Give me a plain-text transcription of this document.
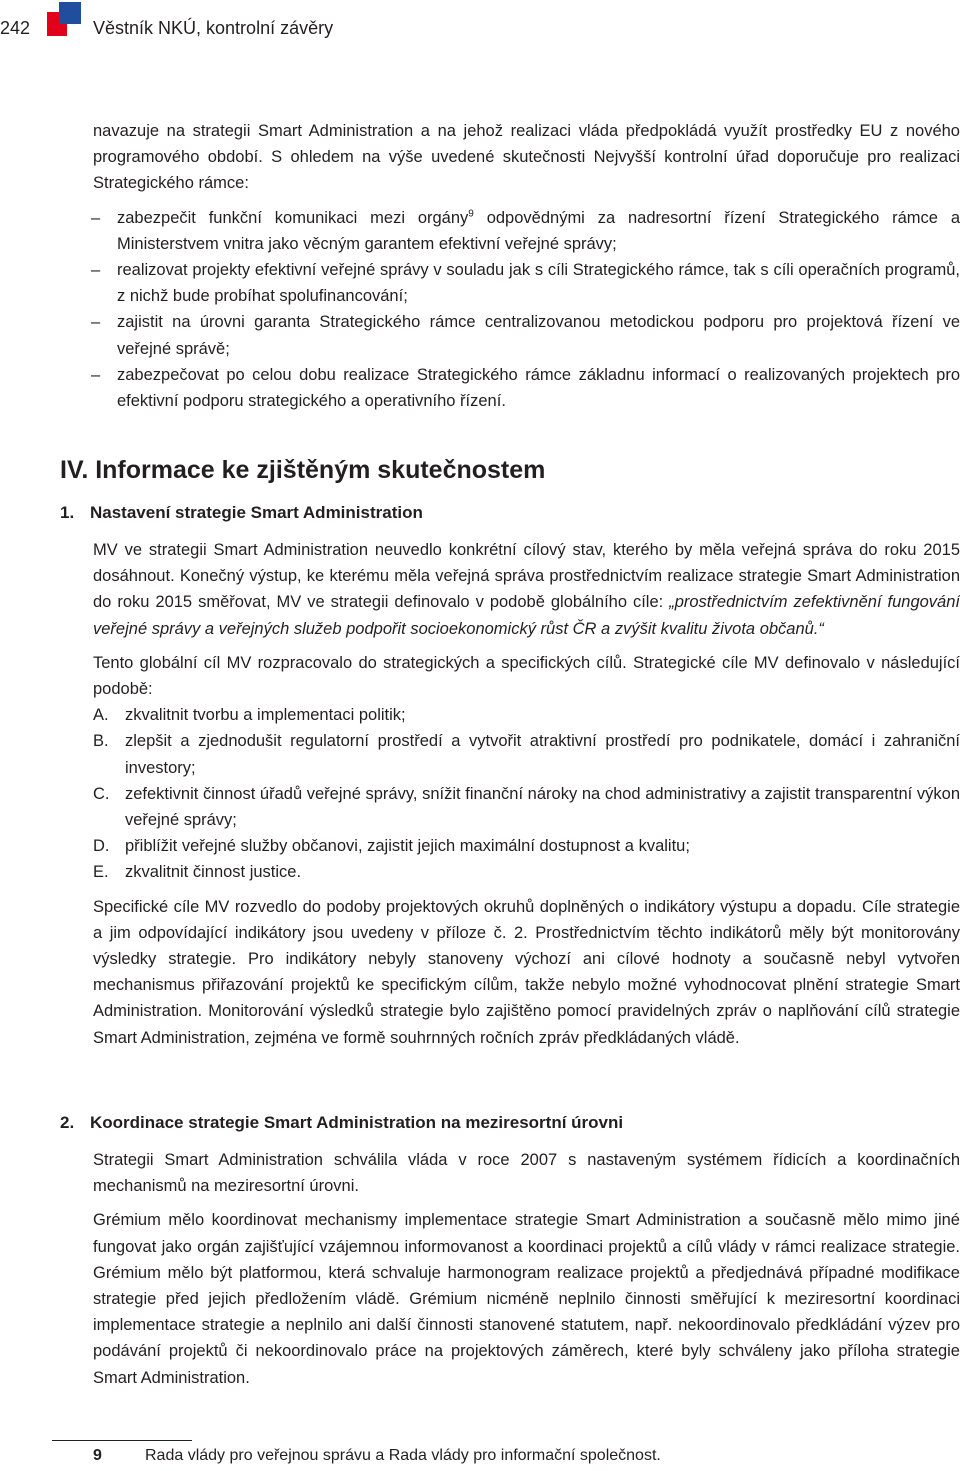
242	Věstník NKÚ, kontrolní závěry

navazuje na strategii Smart Administration a na jehož realizaci vláda předpokládá využít prostředky EU z nového programového období. S ohledem na výše uvedené skutečnosti Nejvyšší kontrolní úřad doporučuje pro realizaci Strategického rámce:

– zabezpečit funkční komunikaci mezi orgány$^9$ odpovědnými za nadresortní řízení Strategického rámce a Ministerstvem vnitra jako věcným garantem efektivní veřejné správy;
– realizovat projekty efektivní veřejné správy v souladu jak s cíli Strategického rámce, tak s cíli operačních programů, z nichž bude probíhat spolufinancování;
– zajistit na úrovni garanta Strategického rámce centralizovanou metodickou podporu pro projektová řízení ve veřejné správě;
– zabezpečovat po celou dobu realizace Strategického rámce základnu informací o realizovaných projektech pro efektivní podporu strategického a operativního řízení.
IV. Informace ke zjištěným skutečnostem
1. Nastavení strategie Smart Administration

MV ve strategii Smart Administration neuvedlo konkrétní cílový stav, kterého by měla veřejná správa do roku 2015 dosáhnout. Konečný výstup, ke kterému měla veřejná správa prostřednictvím realizace strategie Smart Administration do roku 2015 směřovat, MV ve strategii definovalo v podobě globálního cíle: „prostřednictvím zefektivnění fungování veřejné správy a veřejných služeb podpořit socioekonomický růst ČR a zvýšit kvalitu života občanů.“

Tento globální cíl MV rozpracovalo do strategických a specifických cílů. Strategické cíle MV definovalo v následující podobě:

A. zkvalitnit tvorbu a implementaci politik;
B. zlepšit a zjednodušit regulatorní prostředí a vytvořit atraktivní prostředí pro podnikatele, domácí i zahraniční investory;
C. zefektivnit činnost úřadů veřejné správy, snížit finanční nároky na chod administrativy a zajistit transparentní výkon veřejné správy;
D. přiblížit veřejné služby občanovi, zajistit jejich maximální dostupnost a kvalitu;
E. zkvalitnit činnost justice.

Specifické cíle MV rozvedlo do podoby projektových okruhů doplněných o indikátory výstupu a dopadu. Cíle strategie a jim odpovídající indikátory jsou uvedeny v příloze č. 2. Prostřednictvím těchto indikátorů měly být monitorovány výsledky strategie. Pro indikátory nebyly stanoveny výchozí ani cílové hodnoty a současně nebyl vytvořen mechanismus přiřazování projektů ke specifickým cílům, takže nebylo možné vyhodnocovat plnění strategie Smart Administration. Monitorování výsledků strategie bylo zajištěno pomocí pravidelných zpráv o naplňování cílů strategie Smart Administration, zejména ve formě souhrnných ročních zpráv předkládaných vládě.

2. Koordinace strategie Smart Administration na meziresortní úrovni

Strategii Smart Administration schválila vláda v roce 2007 s nastaveným systémem řídicích a koordinačních mechanismů na meziresortní úrovni.

Grémium mělo koordinovat mechanismy implementace strategie Smart Administration a současně mělo mimo jiné fungovat jako orgán zajišťující vzájemnou informovanost a koordinaci projektů a cílů vlády v rámci realizace strategie. Grémium mělo být platformou, která schvaluje harmonogram realizace projektů a předjednává případné modifikace strategie před jejich předložením vládě. Grémium nicméně neplnilo činnosti směřující k meziresortní koordinaci implementace strategie a neplnilo ani další činnosti stanovené statutem, např. nekoordinovalo předkládání výzev pro podávání projektů či nekoordinovalo práce na projektových záměrech, které byly schváleny jako příloha strategie Smart Administration.

9	Rada vlády pro veřejnou správu a Rada vlády pro informační společnost.
